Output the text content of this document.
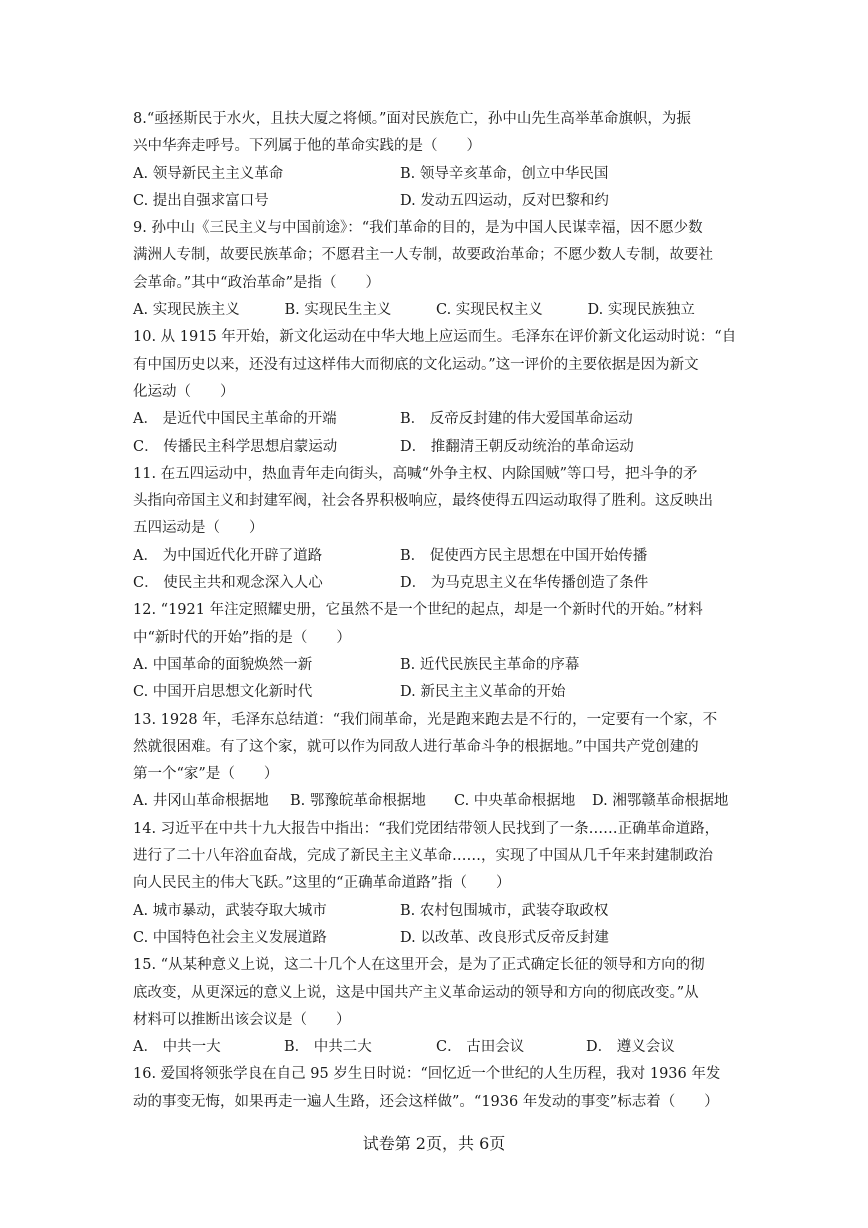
8.“亟拯斯民于水火，且扶大厦之将倾。”面对民族危亡，孙中山先生高举革命旗帜，为振
兴中华奔走呼号。下列属于他的革命实践的是（　　）
A. 领导新民主主义革命	B. 领导辛亥革命，创立中华民国
C. 提出自强求富口号	D. 发动五四运动，反对巴黎和约
9. 孙中山《三民主义与中国前途》：“我们革命的目的，是为中国人民谋幸福，因不愿少数
满洲人专制，故要民族革命；不愿君主一人专制，故要政治革命；不愿少数人专制，故要社
会革命。”其中“政治革命”是指（　　）
A. 实现民族主义	B. 实现民生主义	C. 实现民权主义	D. 实现民族独立
10. 从 1915 年开始，新文化运动在中华大地上应运而生。毛泽东在评价新文化运动时说：“自
有中国历史以来，还没有过这样伟大而彻底的文化运动。”这一评价的主要依据是因为新文
化运动（　　）
A． 是近代中国民主革命的开端	B． 反帝反封建的伟大爱国革命运动
C． 传播民主科学思想启蒙运动	D． 推翻清王朝反动统治的革命运动
11. 在五四运动中，热血青年走向街头，高喊“外争主权、内除国贼”等口号，把斗争的矛
头指向帝国主义和封建军阀，社会各界积极响应，最终使得五四运动取得了胜利。这反映出
五四运动是（　　）
A． 为中国近代化开辟了道路	B． 促使西方民主思想在中国开始传播
C． 使民主共和观念深入人心	D． 为马克思主义在华传播创造了条件
12. “1921 年注定照耀史册，它虽然不是一个世纪的起点，却是一个新时代的开始。”材料
中“新时代的开始”指的是（　　）
A. 中国革命的面貌焕然一新	B. 近代民族民主革命的序幕
C. 中国开启思想文化新时代	D. 新民主主义革命的开始
13. 1928 年，毛泽东总结道：“我们闹革命，光是跑来跑去是不行的，一定要有一个家，不
然就很困难。有了这个家，就可以作为同敌人进行革命斗争的根据地。”中国共产党创建的
第一个“家”是（　　）
A. 井冈山革命根据地	B. 鄂豫皖革命根据地	C. 中央革命根据地	D. 湘鄂赣革命根据地
14. 习近平在中共十九大报告中指出：“我们党团结带领人民找到了一条……正确革命道路，
进行了二十八年浴血奋战，完成了新民主主义革命……，实现了中国从几千年来封建制政治
向人民民主的伟大飞跃。”这里的“正确革命道路”指（　　）
A. 城市暴动，武装夺取大城市	B. 农村包围城市，武装夺取政权
C. 中国特色社会主义发展道路	D. 以改革、改良形式反帝反封建
15. “从某种意义上说，这二十几个人在这里开会，是为了正式确定长征的领导和方向的彻
底改变，从更深远的意义上说，这是中国共产主义革命运动的领导和方向的彻底改变。”从
材料可以推断出该会议是（　　）
A． 中共一大	B． 中共二大	C． 古田会议	D． 遵义会议
16. 爱国将领张学良在自己 95 岁生日时说：“回忆近一个世纪的人生历程，我对 1936 年发
动的事变无悔，如果再走一遍人生路，还会这样做”。“1936 年发动的事变”标志着（　　）
试卷第 2页，共 6页
